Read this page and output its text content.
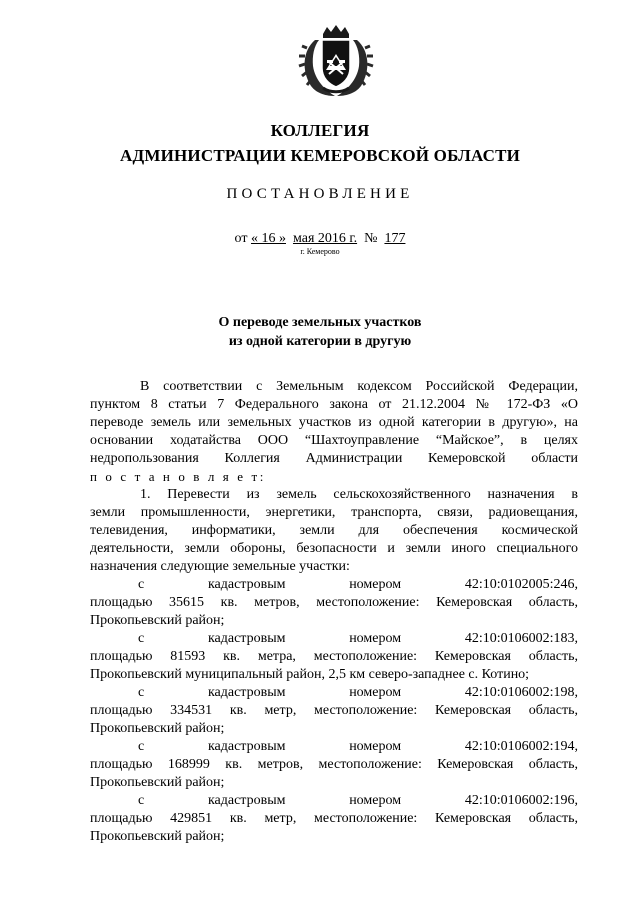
КОЛЛЕГИЯ
АДМИНИСТРАЦИИ КЕМЕРОВСКОЙ ОБЛАСТИ
ПОСТАНОВЛЕНИЕ
от « 16 » мая 2016 г. № 177
г. Кемерово
О переводе земельных участков
из одной категории в другую
В соответствии с Земельным кодексом Российской Федерации,
пунктом 8 статьи 7 Федерального закона от 21.12.2004 № 172-ФЗ «О
переводе земель или земельных участков из одной категории в другую», на
основании ходатайства ООО “Шахтоуправление “Майское”, в целях
недропользования Коллегия Администрации Кемеровской области
п о с т а н о в л я е т:
1. Перевести из земель сельскохозяйственного назначения в
земли промышленности, энергетики, транспорта, связи, радиовещания,
телевидения, информатики, земли для обеспечения космической
деятельности, земли обороны, безопасности и земли иного специального
назначения следующие земельные участки:
с	кадастровым	номером	42:10:0102005:246,
площадью 35615 кв. метров, местоположение: Кемеровская область,
Прокопьевский район;
с	кадастровым	номером	42:10:0106002:183,
площадью 81593 кв. метра, местоположение: Кемеровская область,
Прокопьевский муниципальный район, 2,5 км северо-западнее с. Котино;
с	кадастровым	номером	42:10:0106002:198,
площадью 334531 кв. метр, местоположение: Кемеровская область,
Прокопьевский район;
с	кадастровым	номером	42:10:0106002:194,
площадью 168999 кв. метров, местоположение: Кемеровская область,
Прокопьевский район;
с	кадастровым	номером	42:10:0106002:196,
площадью 429851 кв. метр, местоположение: Кемеровская область,
Прокопьевский район;
